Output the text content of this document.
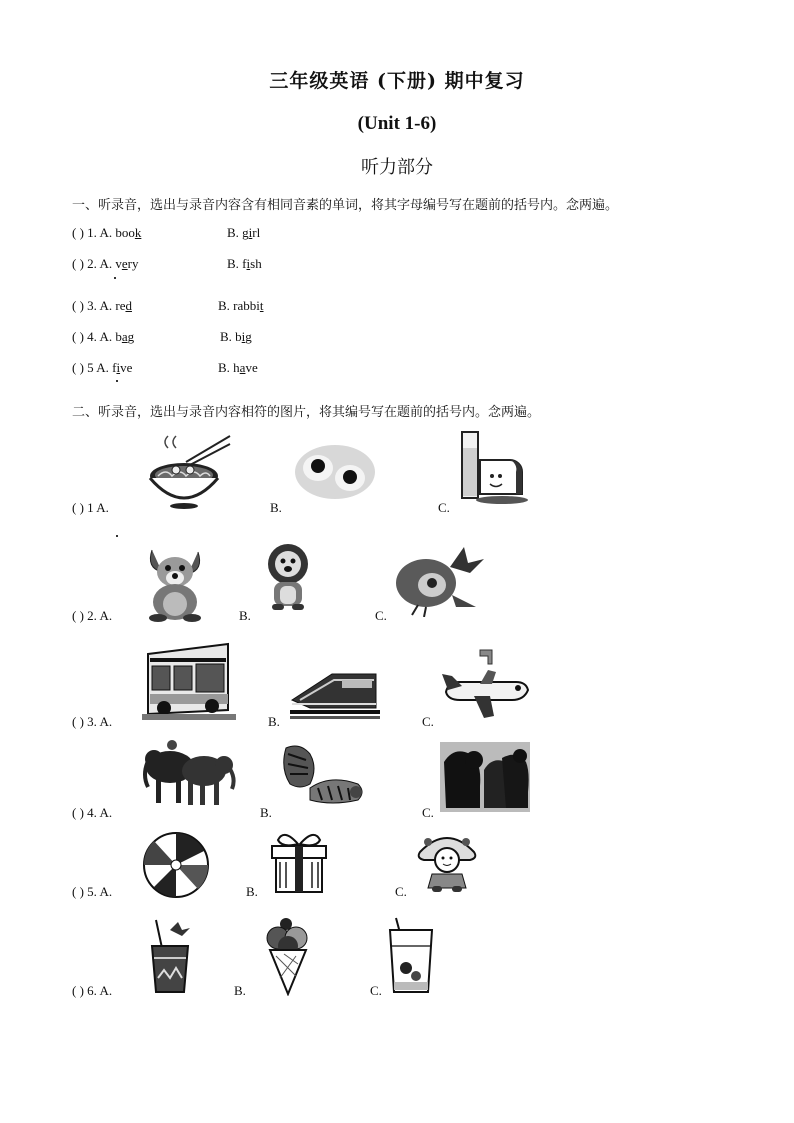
三年级英语 (下册) 期中复习
(Unit 1-6)
听力部分
一、听录音，选出与录音内容含有相同音素的单词，将其字母编号写在题前的括号内。念两遍。
( ) 1. A. book	B. girl
( ) 2. A. very	B. fish
( ) 3. A. red	B. rabbit
( ) 4. A. bag	B. big
( ) 5 A. five	B. have
二、听录音，选出与录音内容相符的图片，将其编号写在题前的括号内。念两遍。
( ) 1 A.	B.	C.
( ) 2. A.	B.	C.
( ) 3. A.	B.	C.
( ) 4. A.	B.	C.
( ) 5. A.	B.	C.
( ) 6. A.	B.	C.
